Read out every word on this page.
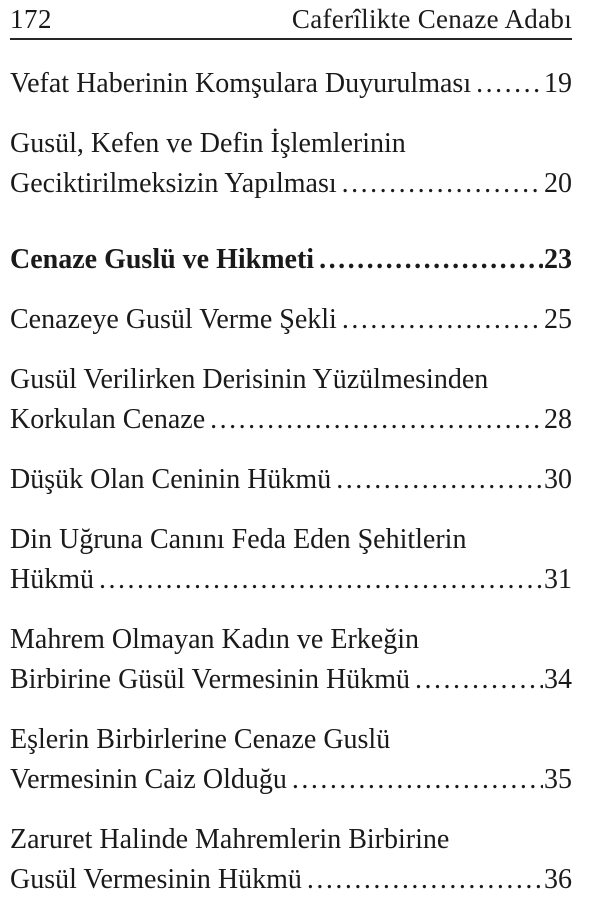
172	Caferîlikte Cenaze Adabı
Vefat Haberinin Komşulara Duyurulması .....	19
Gusül, Kefen ve Defin İşlemlerinin
Geciktirilmeksizin Yapılması .....	20
Cenaze Guslü ve Hikmeti .....	23
Cenazeye Gusül Verme Şekli .....	25
Gusül Verilirken Derisinin Yüzülmesinden
Korkulan Cenaze .....	28
Düşük Olan Ceninin Hükmü .....	30
Din Uğruna Canını Feda Eden Şehitlerin
Hükmü .....	31
Mahrem Olmayan Kadın ve Erkeğin
Birbirine Güsül Vermesinin Hükmü .....	34
Eşlerin Birbirlerine Cenaze Guslü
Vermesinin Caiz Olduğu .....	35
Zaruret Halinde Mahremlerin Birbirine
Gusül Vermesinin Hükmü .....	36
